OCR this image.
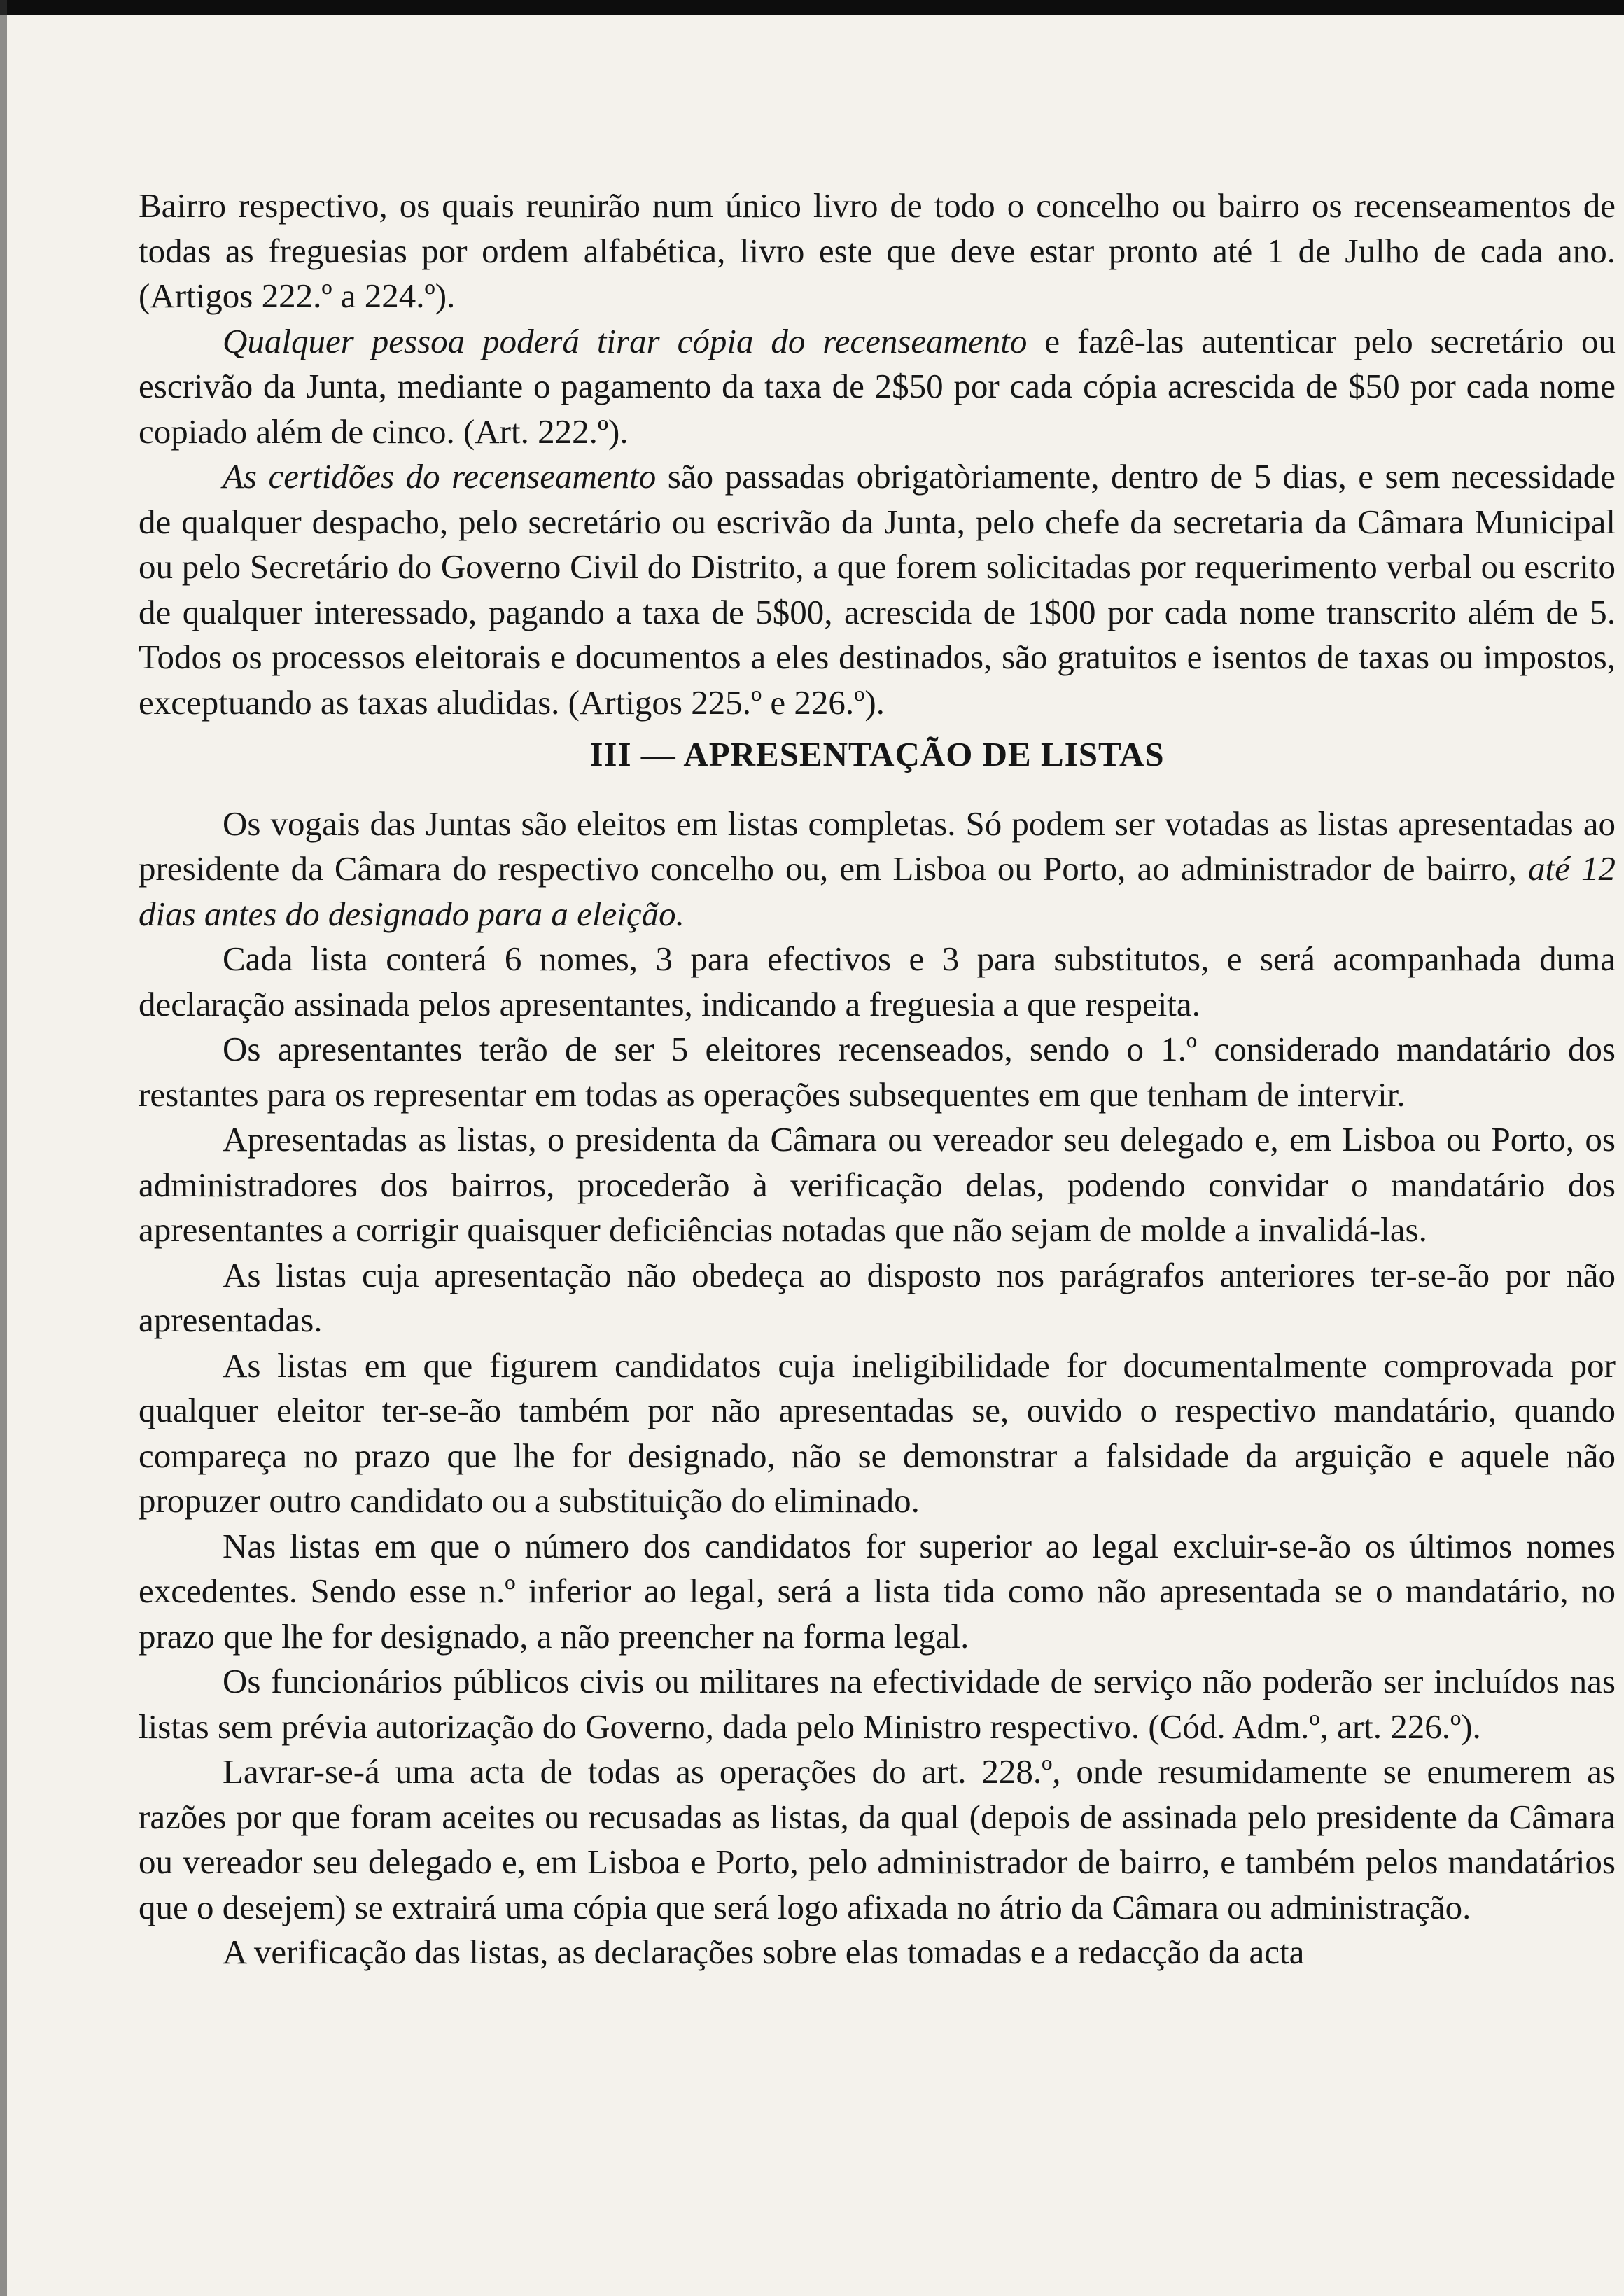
Bairro respectivo, os quais reunirão num único livro de todo o concelho ou bairro os recenseamentos de todas as freguesias por ordem alfabética, livro este que deve estar pronto até 1 de Julho de cada ano. (Artigos 222.º a 224.º).

Qualquer pessoa poderá tirar cópia do recenseamento e fazê-las autenticar pelo secretário ou escrivão da Junta, mediante o pagamento da taxa de 2$50 por cada cópia acrescida de $50 por cada nome copiado além de cinco. (Art. 222.º).

As certidões do recenseamento são passadas obrigatòriamente, dentro de 5 dias, e sem necessidade de qualquer despacho, pelo secretário ou escrivão da Junta, pelo chefe da secretaria da Câmara Municipal ou pelo Secretário do Governo Civil do Distrito, a que forem solicitadas por requerimento verbal ou escrito de qualquer interessado, pagando a taxa de 5$00, acrescida de 1$00 por cada nome transcrito além de 5. Todos os processos eleitorais e documentos a eles destinados, são gratuitos e isentos de taxas ou impostos, exceptuando as taxas aludidas. (Artigos 225.º e 226.º).

III — APRESENTAÇÃO DE LISTAS

Os vogais das Juntas são eleitos em listas completas. Só podem ser votadas as listas apresentadas ao presidente da Câmara do respectivo concelho ou, em Lisboa ou Porto, ao administrador de bairro, até 12 dias antes do designado para a eleição.

Cada lista conterá 6 nomes, 3 para efectivos e 3 para substitutos, e será acompanhada duma declaração assinada pelos apresentantes, indicando a freguesia a que respeita.

Os apresentantes terão de ser 5 eleitores recenseados, sendo o 1.º considerado mandatário dos restantes para os representar em todas as operações subsequentes em que tenham de intervir.

Apresentadas as listas, o presidenta da Câmara ou vereador seu delegado e, em Lisboa ou Porto, os administradores dos bairros, procederão à verificação delas, podendo convidar o mandatário dos apresentantes a corrigir quaisquer deficiências notadas que não sejam de molde a invalidá-las.

As listas cuja apresentação não obedeça ao disposto nos parágrafos anteriores ter-se-ão por não apresentadas.

As listas em que figurem candidatos cuja ineligibilidade for documentalmente comprovada por qualquer eleitor ter-se-ão também por não apresentadas se, ouvido o respectivo mandatário, quando compareça no prazo que lhe for designado, não se demonstrar a falsidade da arguição e aquele não propuzer outro candidato ou a substituição do eliminado.

Nas listas em que o número dos candidatos for superior ao legal excluir-se-ão os últimos nomes excedentes. Sendo esse n.º inferior ao legal, será a lista tida como não apresentada se o mandatário, no prazo que lhe for designado, a não preencher na forma legal.

Os funcionários públicos civis ou militares na efectividade de serviço não poderão ser incluídos nas listas sem prévia autorização do Governo, dada pelo Ministro respectivo. (Cód. Adm.º, art. 226.º).

Lavrar-se-á uma acta de todas as operações do art. 228.º, onde resumidamente se enumerem as razões por que foram aceites ou recusadas as listas, da qual (depois de assinada pelo presidente da Câmara ou vereador seu delegado e, em Lisboa e Porto, pelo administrador de bairro, e também pelos mandatários que o desejem) se extrairá uma cópia que será logo afixada no átrio da Câmara ou administração.

A verificação das listas, as declarações sobre elas tomadas e a redacção da acta
